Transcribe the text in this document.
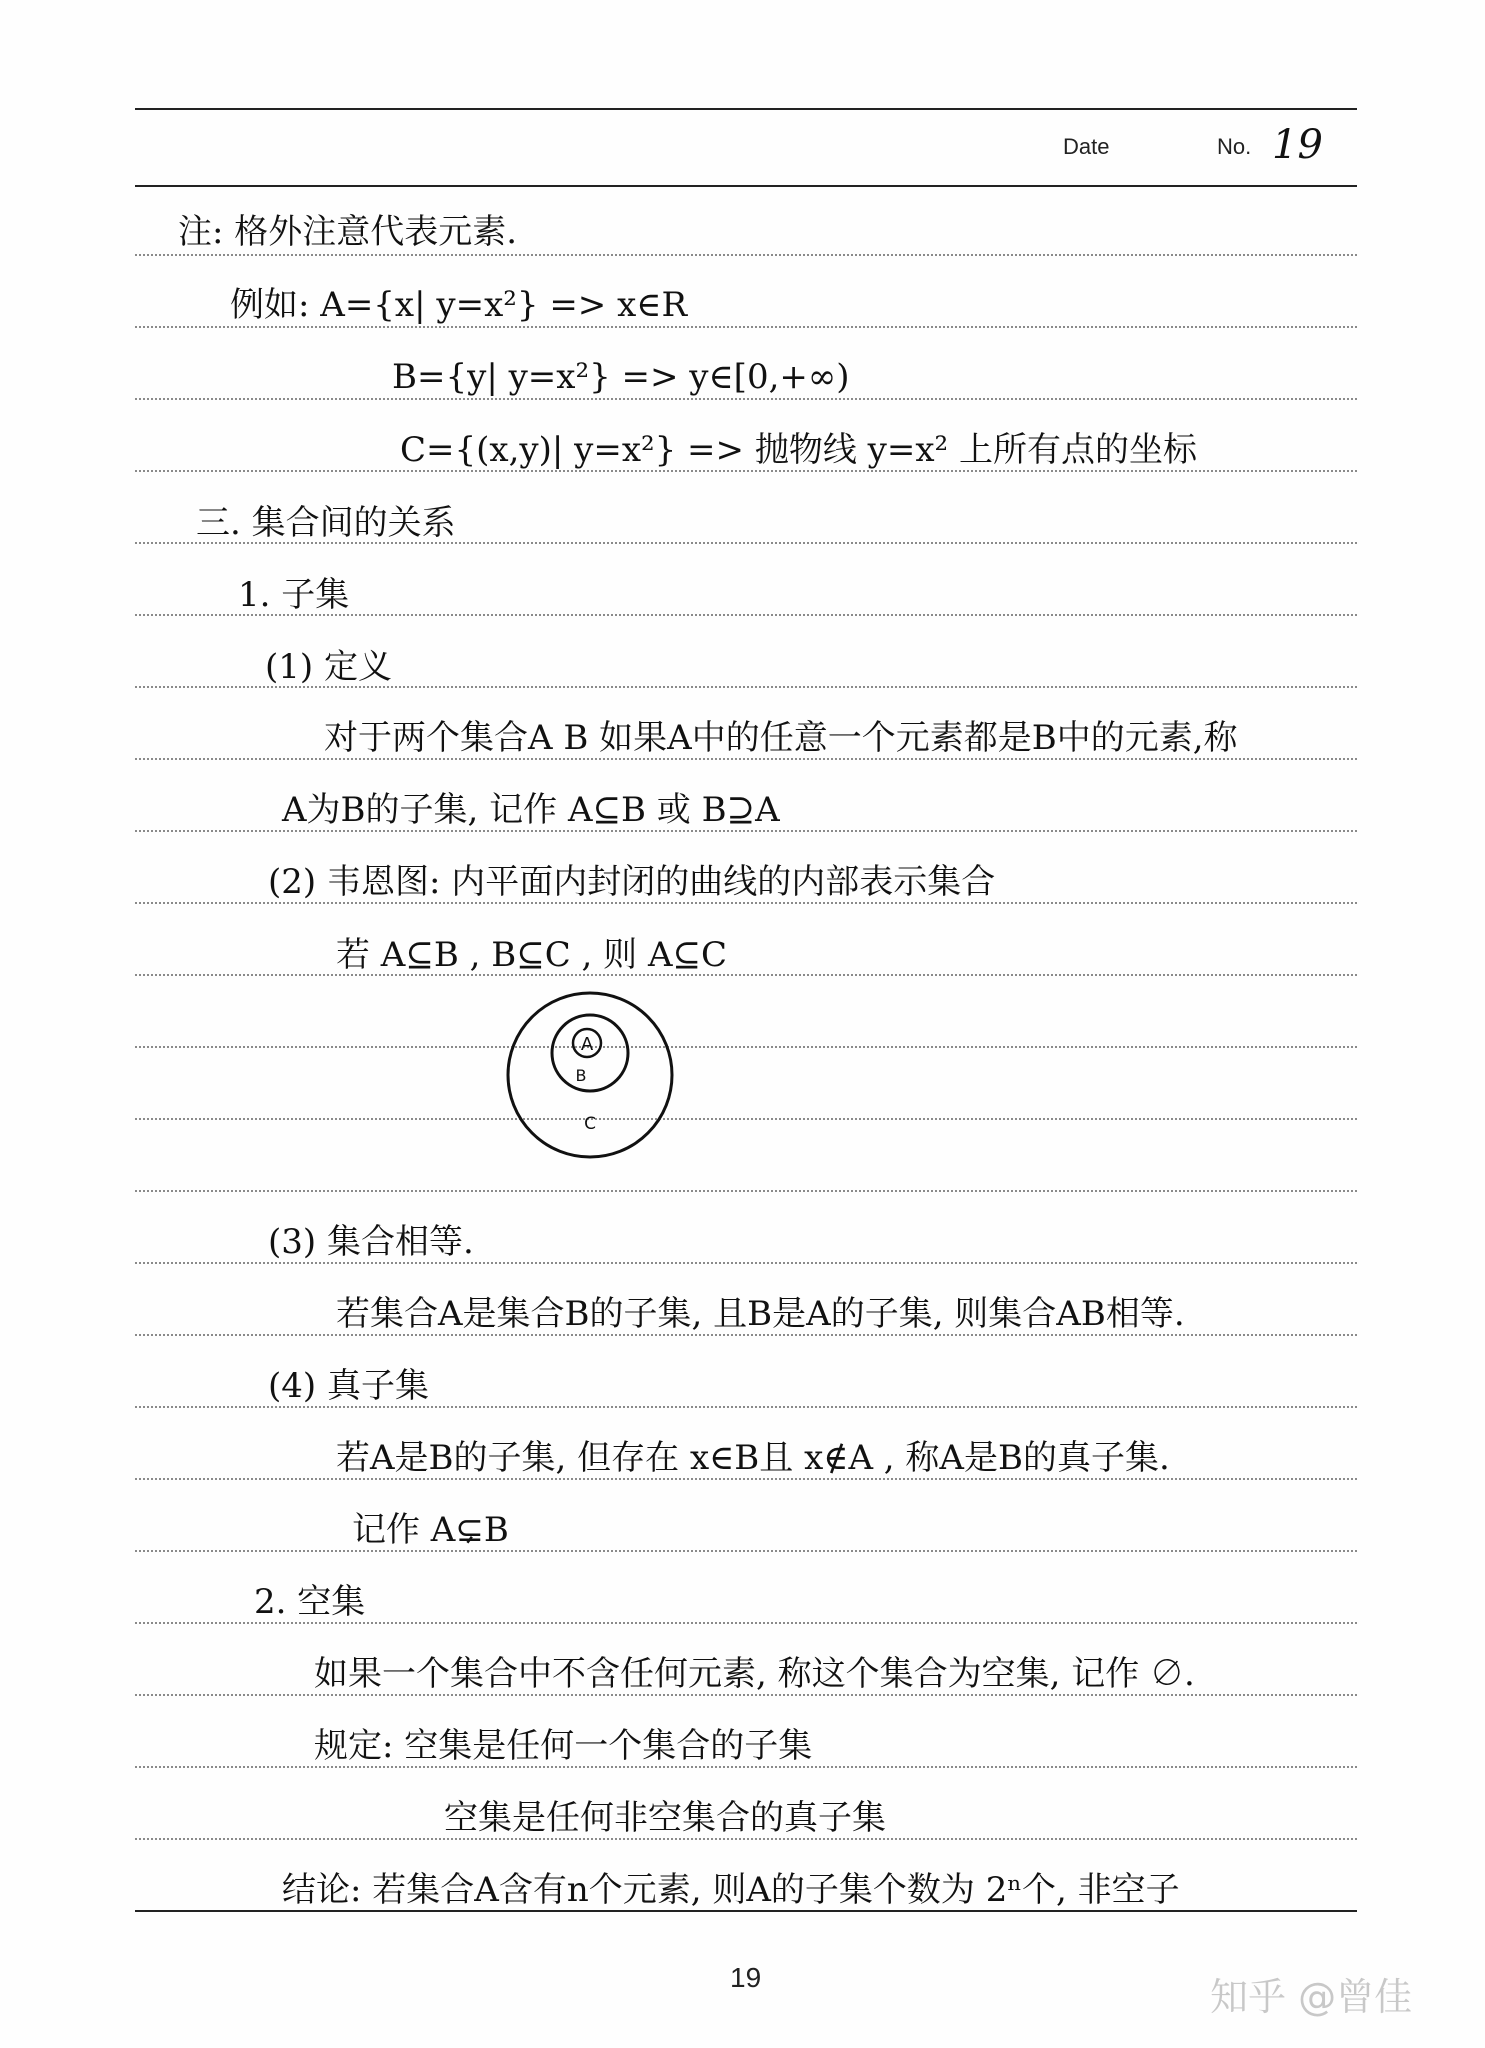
Date	No. 19
注: 格外注意代表元素.
例如: A={x| y=x²} => x∈R
B={y| y=x²} => y∈[0,+∞)
C={(x,y)| y=x²} => 抛物线 y=x² 上所有点的坐标
三. 集合间的关系
1. 子集
(1) 定义
对于两个集合A B 如果A中的任意一个元素都是B中的元素,称
A为B的子集, 记作 A⊆B 或 B⊇A
(2) 韦恩图: 内平面内封闭的曲线的内部表示集合
若 A⊆B , B⊆C , 则 A⊆C
A
B
C
(3) 集合相等.
若集合A是集合B的子集, 且B是A的子集, 则集合AB相等.
(4) 真子集
若A是B的子集, 但存在 x∈B且 x∉A , 称A是B的真子集.
记作 A⊊B
2. 空集
如果一个集合中不含任何元素, 称这个集合为空集, 记作 ∅.
规定: 空集是任何一个集合的子集
空集是任何非空集合的真子集
结论: 若集合A含有n个元素, 则A的子集个数为 2ⁿ个, 非空子
19	知乎 @曾佳
